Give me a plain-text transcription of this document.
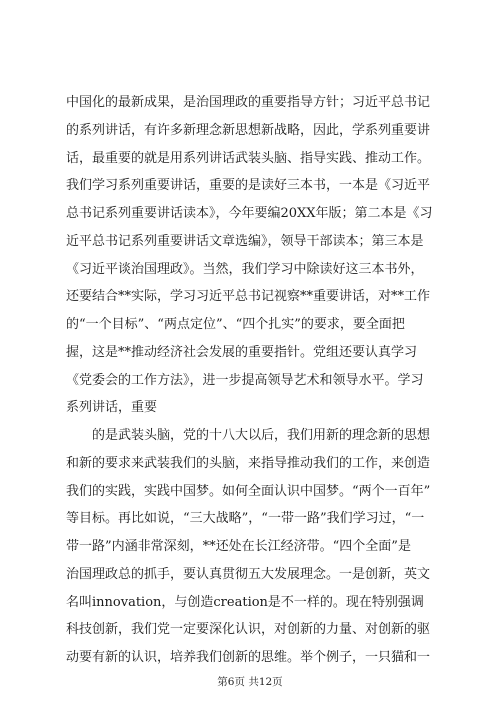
中国化的最新成果，是治国理政的重要指导方针；习近平总书记
的系列讲话，有许多新理念新思想新战略，因此，学系列重要讲
话，最重要的就是用系列讲话武装头脑、指导实践、推动工作。
我们学习系列重要讲话，重要的是读好三本书，一本是《习近平
总书记系列重要讲话读本》，今年要编20XX年版；第二本是《习
近平总书记系列重要讲话文章选编》，领导干部读本；第三本是
《习近平谈治国理政》。当然，我们学习中除读好这三本书外，
还要结合**实际，学习习近平总书记视察**重要讲话，对**工作
的“一个目标”、“两点定位”、“四个扎实”的要求，要全面把
握，这是**推动经济社会发展的重要指针。党组还要认真学习
《党委会的工作方法》，进一步提高领导艺术和领导水平。学习
系列讲话，重要
的是武装头脑，党的十八大以后，我们用新的理念新的思想
和新的要求来武装我们的头脑，来指导推动我们的工作，来创造
我们的实践，实践中国梦。如何全面认识中国梦。“两个一百年”
等目标。再比如说，“三大战略”，“一带一路”我们学习过，“一
带一路”内涵非常深刻，**还处在长江经济带。“四个全面”是
治国理政总的抓手，要认真贯彻五大发展理念。一是创新，英文
名叫innovation，与创造creation是不一样的。现在特别强调
科技创新，我们党一定要深化认识，对创新的力量、对创新的驱
动要有新的认识，培养我们创新的思维。举个例子，一只猫和一
第6页 共12页
